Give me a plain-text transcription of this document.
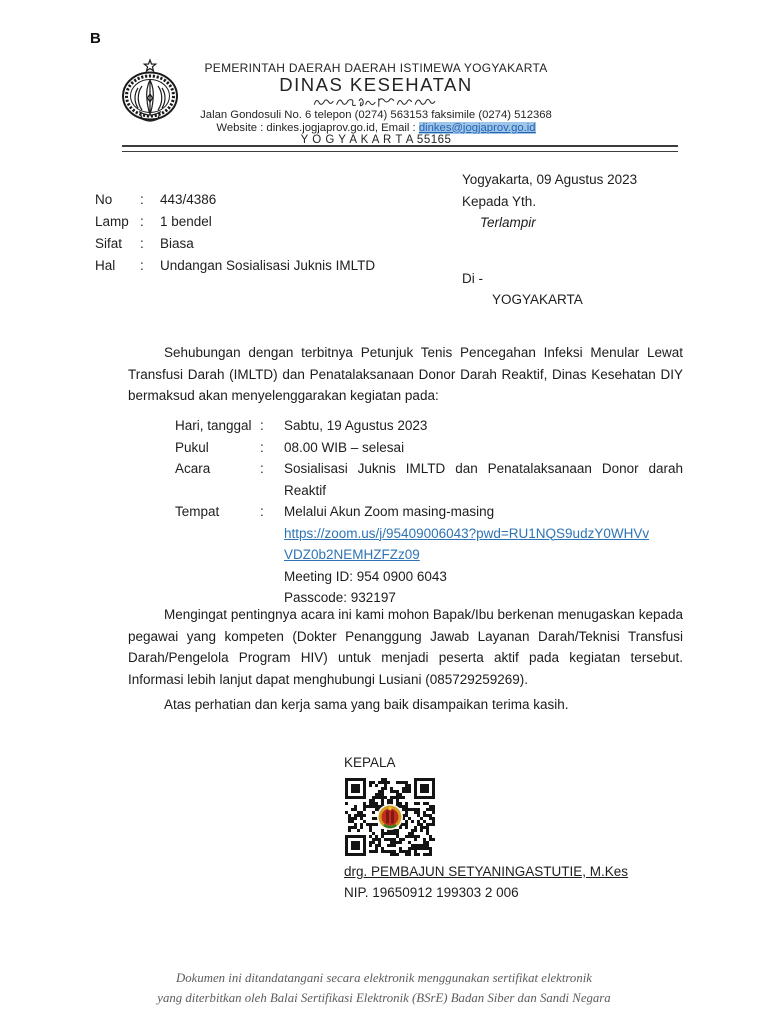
B
PEMERINTAH DAERAH DAERAH ISTIMEWA YOGYAKARTA
DINAS KESEHATAN
Jalan Gondosuli No. 6 telepon (0274) 563153 faksimile (0274) 512368
Website : dinkes.jogjaprov.go.id, Email : dinkes@jogjaprov.go.id
Y O G Y A K A R T A 55165
No	:	443/4386
Lamp :	1 bendel
Sifat	:	Biasa
Hal	:	Undangan Sosialisasi Juknis IMLTD
Yogyakarta, 09 Agustus 2023
Kepada Yth.
Terlampir
Di -
YOGYAKARTA
Sehubungan dengan terbitnya Petunjuk Tenis Pencegahan Infeksi Menular Lewat Transfusi Darah (IMLTD) dan Penatalaksanaan Donor Darah Reaktif, Dinas Kesehatan DIY bermaksud akan menyelenggarakan kegiatan pada:
Hari, tanggal :	Sabtu, 19 Agustus 2023
Pukul	:	08.00 WIB – selesai
Acara	:	Sosialisasi Juknis IMLTD dan Penatalaksanaan Donor darah Reaktif
Tempat	:	Melalui Akun Zoom masing-masing
https://zoom.us/j/95409006043?pwd=RU1NQS9udzY0WHVv
VDZ0b2NEMHZFZz09
Meeting ID: 954 0900 6043
Passcode: 932197
Mengingat pentingnya acara ini kami mohon Bapak/Ibu berkenan menugaskan kepada pegawai yang kompeten (Dokter Penanggung Jawab Layanan Darah/Teknisi Transfusi Darah/Pengelola Program HIV) untuk menjadi peserta aktif pada kegiatan tersebut. Informasi lebih lanjut dapat menghubungi Lusiani (085729259269).
Atas perhatian dan kerja sama yang baik disampaikan terima kasih.
KEPALA
drg. PEMBAJUN SETYANINGASTUTIE, M.Kes
NIP. 19650912 199303 2 006
Dokumen ini ditandatangani secara elektronik menggunakan sertifikat elektronik
yang diterbitkan oleh Balai Sertifikasi Elektronik (BSrE) Badan Siber dan Sandi Negara
